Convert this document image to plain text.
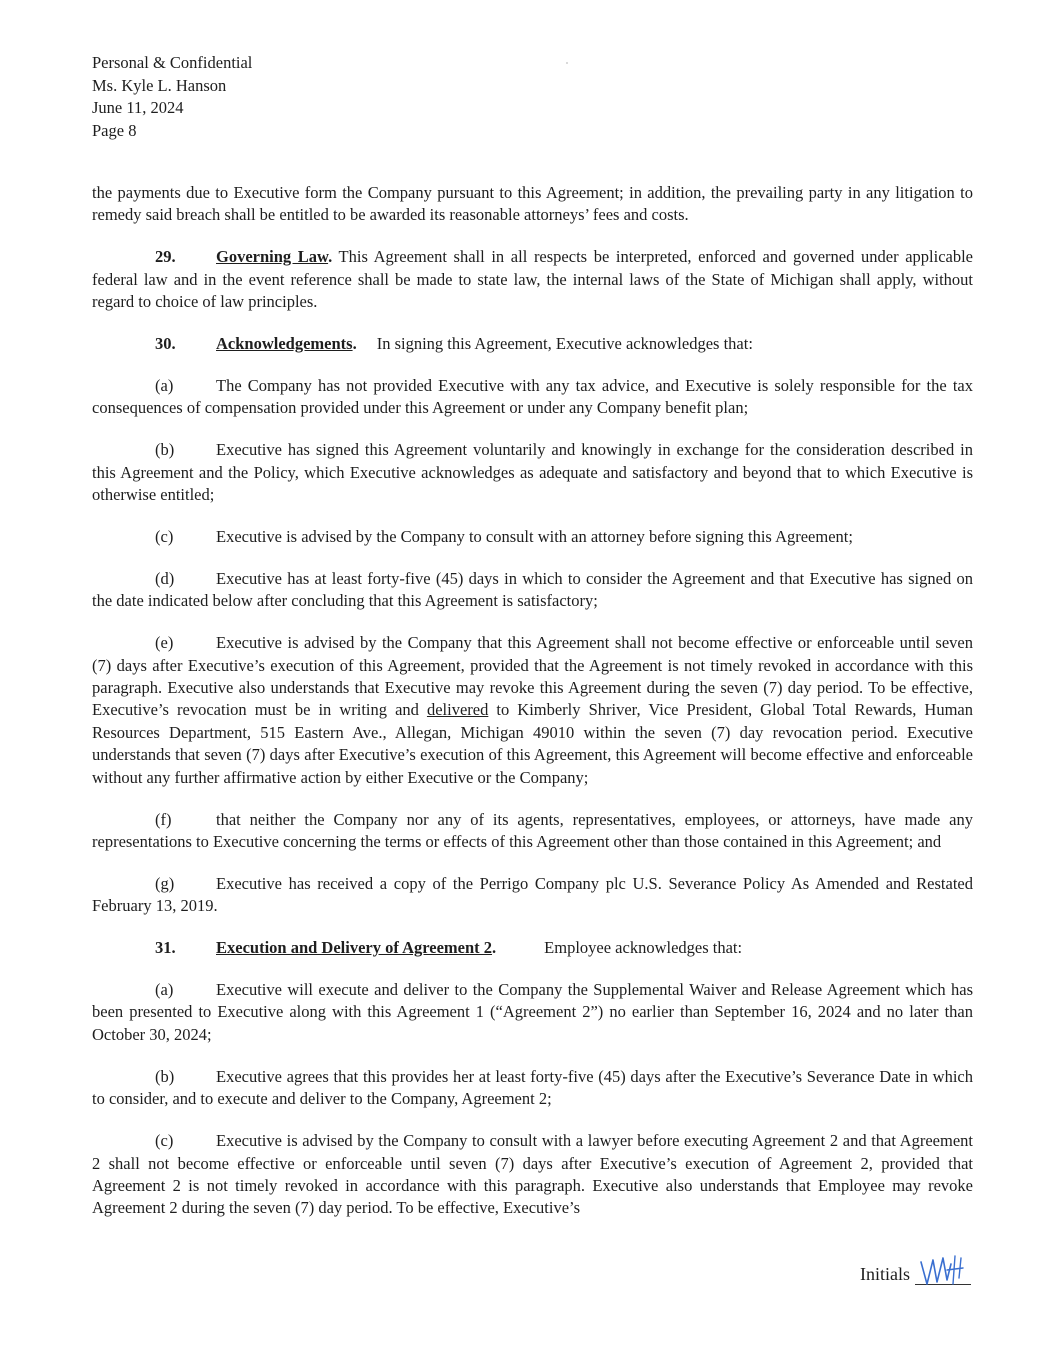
Personal & Confidential
Ms. Kyle L. Hanson
June 11, 2024
Page 8

the payments due to Executive form the Company pursuant to this Agreement; in addition, the prevailing party in any litigation to remedy said breach shall be entitled to be awarded its reasonable attorneys’ fees and costs.

29. Governing Law. This Agreement shall in all respects be interpreted, enforced and governed under applicable federal law and in the event reference shall be made to state law, the internal laws of the State of Michigan shall apply, without regard to choice of law principles.

30. Acknowledgements. In signing this Agreement, Executive acknowledges that:

(a)	The Company has not provided Executive with any tax advice, and Executive is solely responsible for the tax consequences of compensation provided under this Agreement or under any Company benefit plan;

(b)	Executive has signed this Agreement voluntarily and knowingly in exchange for the consideration described in this Agreement and the Policy, which Executive acknowledges as adequate and satisfactory and beyond that to which Executive is otherwise entitled;

(c)	Executive is advised by the Company to consult with an attorney before signing this Agreement;

(d)	Executive has at least forty-five (45) days in which to consider the Agreement and that Executive has signed on the date indicated below after concluding that this Agreement is satisfactory;

(e)	Executive is advised by the Company that this Agreement shall not become effective or enforceable until seven (7) days after Executive’s execution of this Agreement, provided that the Agreement is not timely revoked in accordance with this paragraph. Executive also understands that Executive may revoke this Agreement during the seven (7) day period. To be effective, Executive’s revocation must be in writing and delivered to Kimberly Shriver, Vice President, Global Total Rewards, Human Resources Department, 515 Eastern Ave., Allegan, Michigan 49010 within the seven (7) day revocation period. Executive understands that seven (7) days after Executive’s execution of this Agreement, this Agreement will become effective and enforceable without any further affirmative action by either Executive or the Company;

(f)	that neither the Company nor any of its agents, representatives, employees, or attorneys, have made any representations to Executive concerning the terms or effects of this Agreement other than those contained in this Agreement; and

(g)	Executive has received a copy of the Perrigo Company plc U.S. Severance Policy As Amended and Restated February 13, 2019.

31. Execution and Delivery of Agreement 2.	Employee acknowledges that:

(a)	Executive will execute and deliver to the Company the Supplemental Waiver and Release Agreement which has been presented to Executive along with this Agreement 1 (“Agreement 2”) no earlier than September 16, 2024 and no later than October 30, 2024;

(b)	Executive agrees that this provides her at least forty-five (45) days after the Executive’s Severance Date in which to consider, and to execute and deliver to the Company, Agreement 2;

(c)	Executive is advised by the Company to consult with a lawyer before executing Agreement 2 and that Agreement 2 shall not become effective or enforceable until seven (7) days after Executive’s execution of Agreement 2, provided that Agreement 2 is not timely revoked in accordance with this paragraph. Executive also understands that Employee may revoke Agreement 2 during the seven (7) day period. To be effective, Executive’s

Initials
